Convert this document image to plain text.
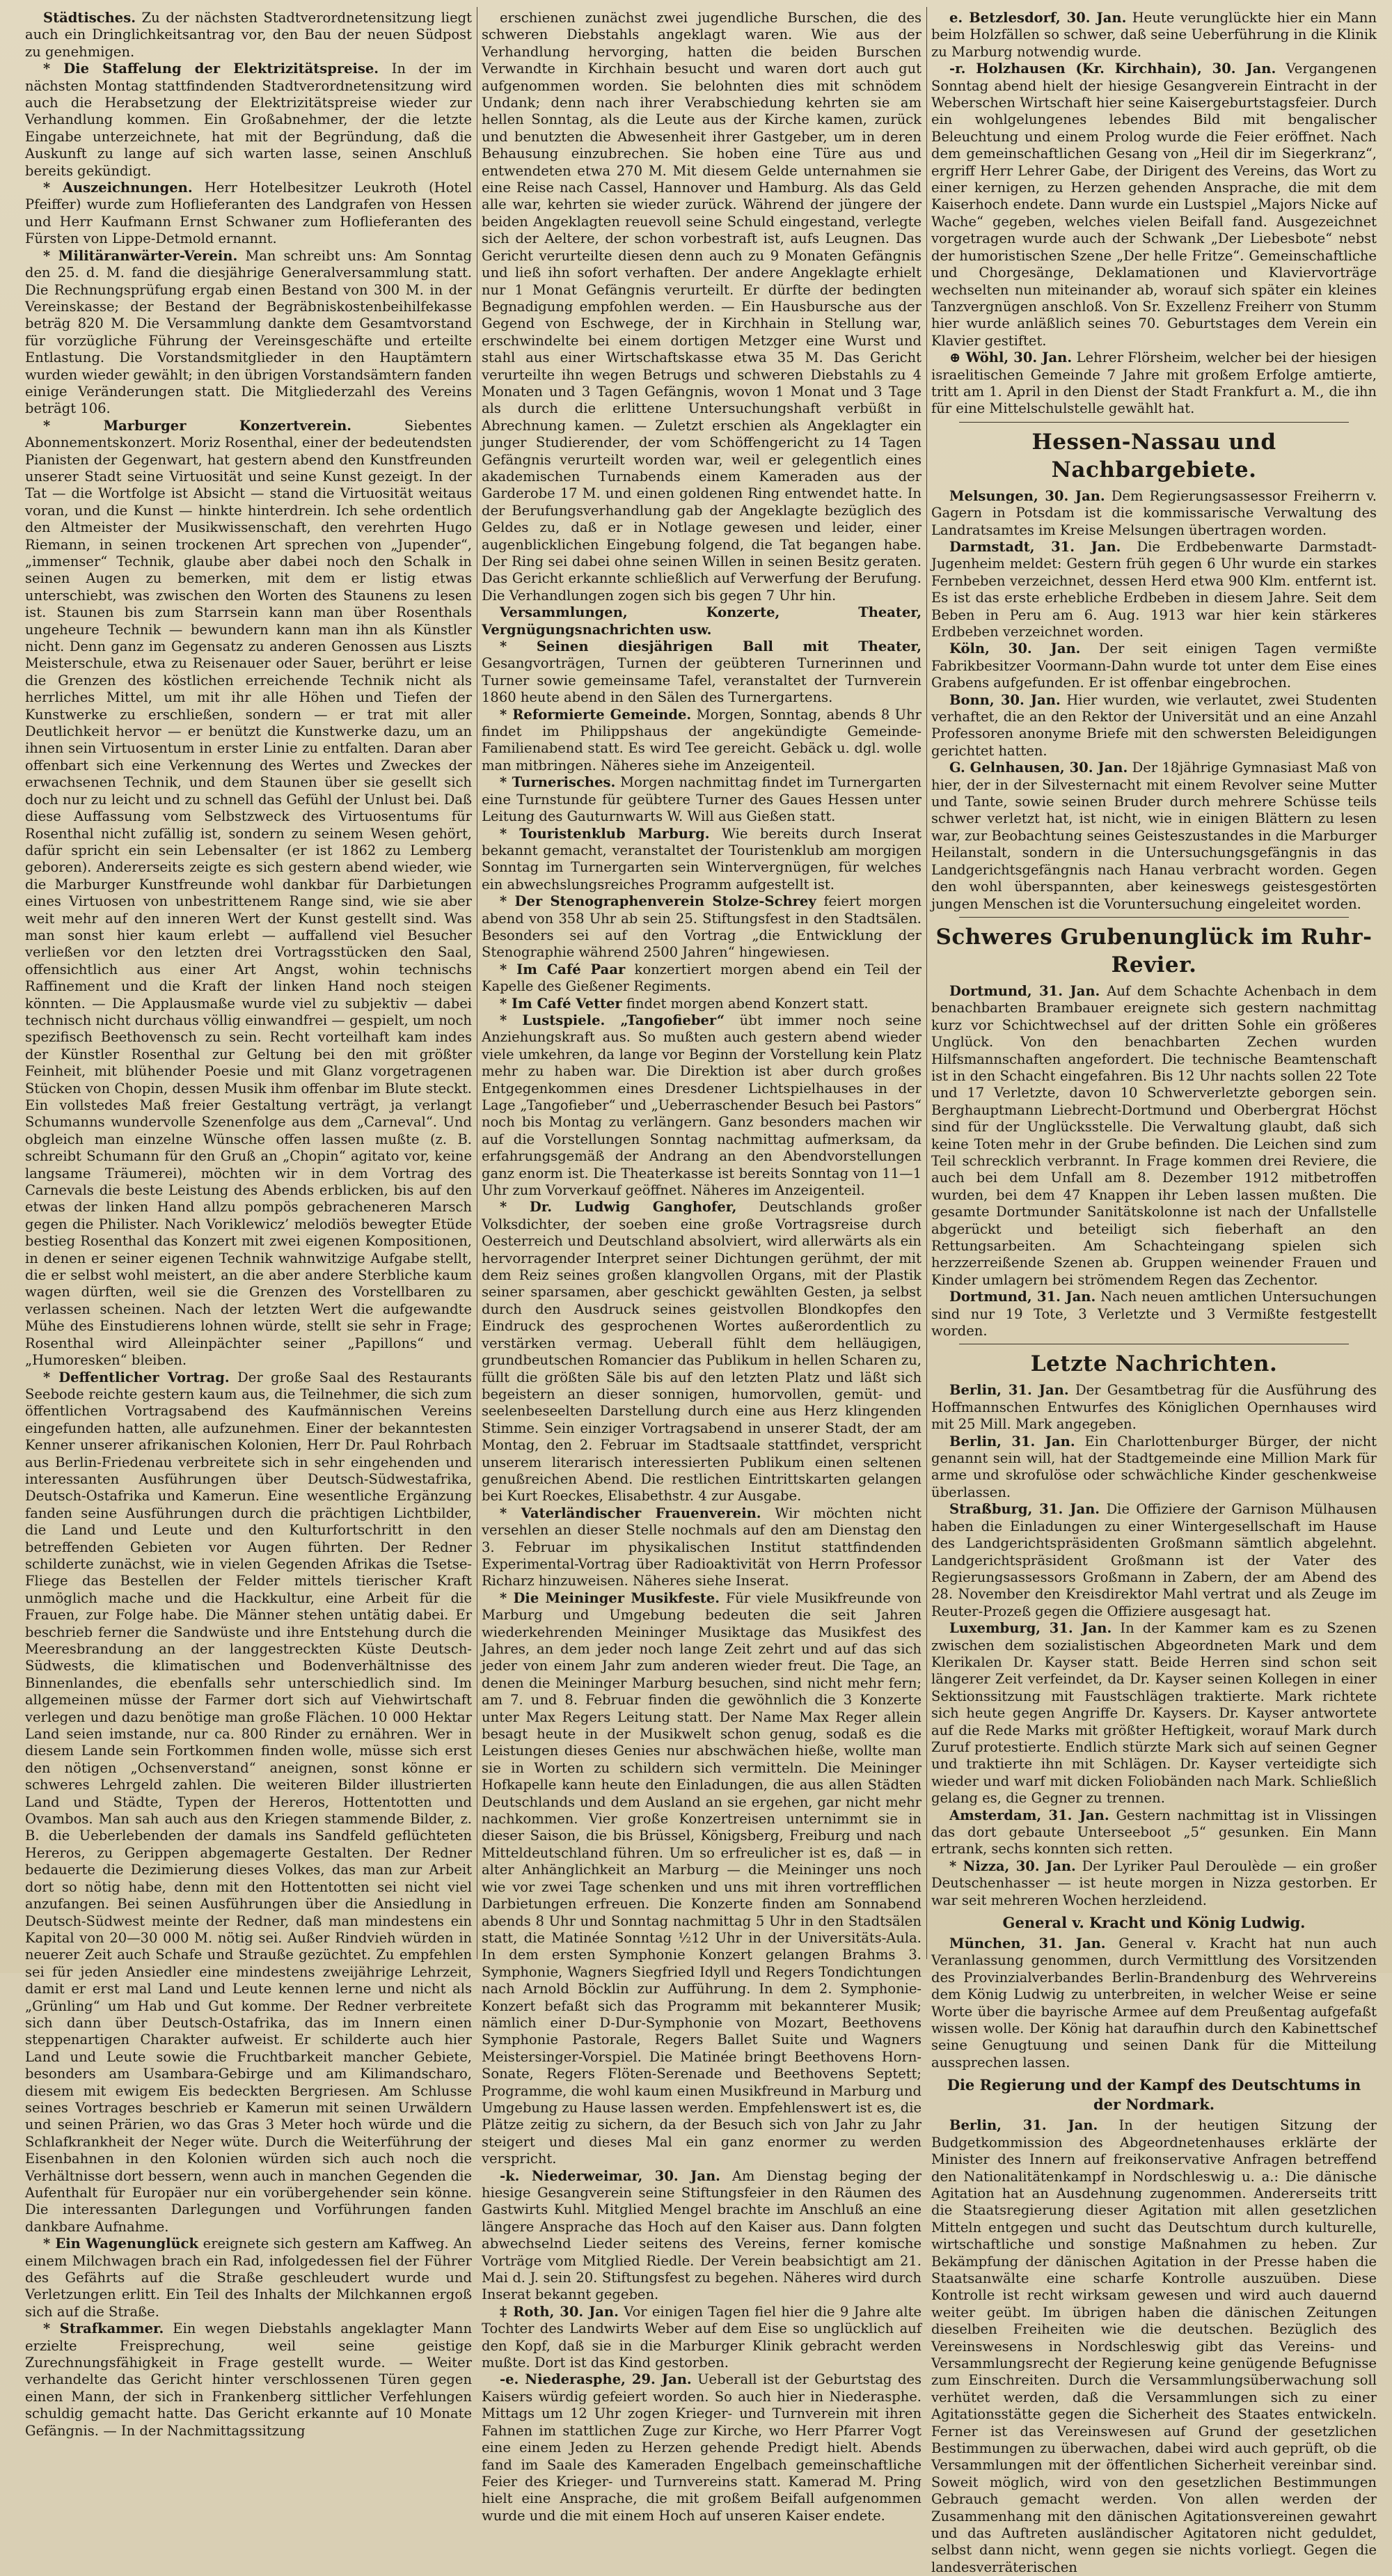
Städtisches. Zu der nächsten Stadtverordnetensitzung liegt auch ein Dringlichkeitsantrag vor, den Bau der neuen Südpost zu genehmigen.

* Die Staffelung der Elektrizitätspreise. In der im nächsten Montag stattfindenden Stadtverordnetensitzung wird auch die Herabsetzung der Elektrizitätspreise wieder zur Verhandlung kommen. Ein Großabnehmer, der die letzte Eingabe unterzeichnete, hat mit der Begründung, daß die Auskunft zu lange auf sich warten lasse, seinen Anschluß bereits gekündigt.

* Auszeichnungen. Herr Hotelbesitzer Leukroth (Hotel Pfeiffer) wurde zum Hoflieferanten des Landgrafen von Hessen und Herr Kaufmann Ernst Schwaner zum Hoflieferanten des Fürsten von Lippe-Detmold ernannt.

* Militäranwärter-Verein. Man schreibt uns: Am Sonntag den 25. d. M. fand die diesjährige Generalversammlung statt. Die Rechnungsprüfung ergab einen Bestand von 300 M. in der Vereinskasse; der Bestand der Begräbniskostenbeihilfekasse beträg 820 M. Die Versammlung dankte dem Gesamtvorstand für vorzügliche Führung der Vereinsgeschäfte und erteilte Entlastung. Die Vorstandsmitglieder in den Hauptämtern wurden wieder gewählt; in den übrigen Vorstandsämtern fanden einige Veränderungen statt. Die Mitgliederzahl des Vereins beträgt 106.

* Marburger Konzertverein.	Siebentes Abonnementskonzert. Moriz Rosenthal, einer der bedeutendsten Pianisten der Gegenwart, hat gestern abend den Kunstfreunden unserer Stadt seine Virtuosität und seine Kunst gezeigt. In der Tat — die Wortfolge ist Absicht — stand die Virtuosität weitaus voran, und die Kunst — hinkte hinterdrein. Ich sehe ordentlich den Altmeister der Musikwissenschaft, den verehrten Hugo Riemann, in seinen trockenen Art sprechen von „Jupender“, „immenser“ Technik, glaube aber dabei noch den Schalk in seinen Augen zu bemerken, mit dem er listig etwas unterschiebt, was zwischen den Worten des Staunens zu lesen ist. Staunen bis zum Starrsein kann man über Rosenthals ungeheure Technik — bewundern kann man ihn als Künstler nicht. Denn ganz im Gegensatz zu anderen Genossen aus Liszts Meisterschule, etwa zu Reisenauer oder Sauer, berührt er leise die Grenzen des köstlichen erreichende Technik nicht als herrliches Mittel, um mit ihr alle Höhen und Tiefen der Kunstwerke zu erschließen, sondern — er trat mit aller Deutlichkeit hervor — er benützt die Kunstwerke dazu, um an ihnen sein Virtuosentum in erster Linie zu entfalten. Daran aber offenbart sich eine Verkennung des Wertes und Zweckes der erwachsenen Technik, und dem Staunen über sie gesellt sich doch nur zu leicht und zu schnell das Gefühl der Unlust bei. Daß diese Auffassung vom Selbstzweck des Virtuosentums für Rosenthal nicht zufällig ist, sondern zu seinem Wesen gehört, dafür spricht ein sein Lebensalter (er ist 1862 zu Lemberg geboren). Andererseits zeigte es sich gestern abend wieder, wie die Marburger Kunstfreunde wohl dankbar für Darbietungen eines Virtuosen von unbestrittenem Range sind, wie sie aber weit mehr auf den inneren Wert der Kunst gestellt sind. Was man sonst hier kaum erlebt — auffallend viel Besucher verließen vor den letzten drei Vortragsstücken den Saal, offensichtlich aus einer Art Angst, wohin technischs Raffinement und die Kraft der linken Hand noch steigen könnten. — Die Applausmaße wurde viel zu subjektiv — dabei technisch nicht durchaus völlig einwandfrei — gespielt, um noch spezifisch Beethovensch zu sein. Recht vorteilhaft kam indes der Künstler Rosenthal zur Geltung bei den mit größter Feinheit, mit blühender Poesie und mit Glanz vorgetragenen Stücken von Chopin, dessen Musik ihm offenbar im Blute steckt. Ein vollstedes Maß freier Gestaltung verträgt, ja verlangt Schumanns wundervolle Szenenfolge aus dem „Carneval“. Und obgleich man einzelne Wünsche offen lassen mußte (z. B. schreibt Schumann für den Gruß an „Chopin“ agitato vor, keine langsame Träumerei), möchten wir in dem Vortrag des Carnevals die beste Leistung des Abends erblicken, bis auf den etwas der linken Hand allzu pompös gebracheneren Marsch gegen die Philister. Nach Voriklewicz’ melodiös bewegter Etüde bestieg Rosenthal das Konzert mit zwei eigenen Kompositionen, in denen er seiner eigenen Technik wahnwitzige Aufgabe stellt, die er selbst wohl meistert, an die aber andere Sterbliche kaum wagen dürften, weil sie die Grenzen des Vorstellbaren zu verlassen scheinen. Nach der letzten Wert die aufgewandte Mühe des Einstudierens lohnen würde, stellt sie sehr in Frage; Rosenthal wird Alleinpächter seiner „Papillons“ und „Humoresken“ bleiben.

* Deffentlicher Vortrag. Der große Saal des Restaurants Seebode reichte gestern kaum aus, die Teilnehmer, die sich zum öffentlichen Vortragsabend des Kaufmännischen Vereins eingefunden hatten, alle aufzunehmen. Einer der bekanntesten Kenner unserer afrikanischen Kolonien, Herr Dr. Paul Rohrbach aus Berlin-Friedenau verbreitete sich in sehr eingehenden und interessanten Ausführungen über Deutsch-Südwestafrika, Deutsch-Ostafrika und Kamerun. Eine wesentliche Ergänzung fanden seine Ausführungen durch die prächtigen Lichtbilder, die Land und Leute und den Kulturfortschritt in den betreffenden Gebieten vor Augen führten. Der Redner schilderte zunächst, wie in vielen Gegenden Afrikas die Tsetse-Fliege das Bestellen der Felder mittels tierischer Kraft unmöglich mache und die Hackkultur, eine Arbeit für die Frauen, zur Folge habe. Die Männer stehen untätig dabei. Er beschrieb ferner die Sandwüste und ihre Entstehung durch die Meeresbrandung an der langgestreckten Küste Deutsch-Südwests, die klimatischen und Bodenverhältnisse des Binnenlandes, die ebenfalls sehr unterschiedlich sind. Im allgemeinen müsse der Farmer dort sich auf Viehwirtschaft verlegen und dazu benötige man große Flächen. 10 000 Hektar Land seien imstande, nur ca. 800 Rinder zu ernähren. Wer in diesem Lande sein Fortkommen finden wolle, müsse sich erst den nötigen „Ochsenverstand“ aneignen, sonst könne er schweres Lehrgeld zahlen. Die weiteren Bilder illustrierten Land und Städte, Typen der Hereros, Hottentotten und Ovambos. Man sah auch aus den Kriegen stammende Bilder, z. B. die Ueberlebenden der damals ins Sandfeld geflüchteten Hereros, zu Gerippen abgemagerte Gestalten. Der Redner bedauerte die Dezimierung dieses Volkes, das man zur Arbeit dort so nötig habe, denn mit den Hottentotten sei nicht viel anzufangen. Bei seinen Ausführungen über die Ansiedlung in Deutsch-Südwest meinte der Redner, daß man mindestens ein Kapital von 20—30 000 M. nötig sei. Außer Rindvieh würden in neuerer Zeit auch Schafe und Strauße gezüchtet. Zu empfehlen sei für jeden Ansiedler eine mindestens zweijährige Lehrzeit, damit er erst mal Land und Leute kennen lerne und nicht als „Grünling“ um Hab und Gut komme. Der Redner verbreitete sich dann über Deutsch-Ostafrika, das im Innern einen steppenartigen Charakter aufweist. Er schilderte auch hier Land und Leute sowie die Fruchtbarkeit mancher Gebiete, besonders am Usambara-Gebirge und am Kilimandscharo, diesem mit ewigem Eis bedeckten Bergriesen. Am Schlusse seines Vortrages beschrieb er Kamerun mit seinen Urwäldern und seinen Prärien, wo das Gras 3 Meter hoch würde und die Schlafkrankheit der Neger wüte. Durch die Weiterführung der Eisenbahnen in den Kolonien würden sich auch noch die Verhältnisse dort bessern, wenn auch in manchen Gegenden die Aufenthalt für Europäer nur ein vorübergehender sein könne. Die interessanten Darlegungen und Vorführungen fanden dankbare Aufnahme.

* Ein Wagenunglück ereignete sich gestern am Kaffweg. An einem Milchwagen brach ein Rad, infolgedessen fiel der Führer des Gefährts auf die Straße geschleudert wurde und Verletzungen erlitt. Ein Teil des Inhalts der Milchkannen ergoß sich auf die Straße.

* Strafkammer. Ein wegen Diebstahls angeklagter Mann erzielte Freisprechung, weil seine geistige Zurechnungsfähigkeit in Frage gestellt wurde. — Weiter verhandelte das Gericht hinter verschlossenen Türen gegen einen Mann, der sich in Frankenberg sittlicher Verfehlungen schuldig gemacht hatte. Das Gericht erkannte auf 10 Monate Gefängnis. — In der Nachmittagssitzung

erschienen zunächst zwei jugendliche Burschen, die des schweren Diebstahls angeklagt waren. Wie aus der Verhandlung hervorging, hatten die beiden Burschen Verwandte in Kirchhain besucht und waren dort auch gut aufgenommen worden. Sie belohnten dies mit schnödem Undank; denn nach ihrer Verabschiedung kehrten sie am hellen Sonntag, als die Leute aus der Kirche kamen, zurück und benutzten die Abwesenheit ihrer Gastgeber, um in deren Behausung einzubrechen. Sie hoben eine Türe aus und entwendeten etwa 270 M. Mit diesem Gelde unternahmen sie eine Reise nach Cassel, Hannover und Hamburg. Als das Geld alle war, kehrten sie wieder zurück. Während der jüngere der beiden Angeklagten reuevoll seine Schuld eingestand, verlegte sich der Aeltere, der schon vorbestraft ist, aufs Leugnen. Das Gericht verurteilte diesen denn auch zu 9 Monaten Gefängnis und ließ ihn sofort verhaften. Der andere Angeklagte erhielt nur 1 Monat Gefängnis verurteilt. Er dürfte der bedingten Begnadigung empfohlen werden. — Ein Hausbursche aus der Gegend von Eschwege, der in Kirchhain in Stellung war, erschwindelte bei einem dortigen Metzger eine Wurst und stahl aus einer Wirtschaftskasse etwa 35 M. Das Gericht verurteilte ihn wegen Betrugs und schweren Diebstahls zu 4 Monaten und 3 Tagen Gefängnis, wovon 1 Monat und 3 Tage als durch die erlittene Untersuchungshaft verbüßt in Abrechnung kamen. — Zuletzt erschien als Angeklagter ein junger Studierender, der vom Schöffengericht zu 14 Tagen Gefängnis verurteilt worden war, weil er gelegentlich eines akademischen Turnabends einem Kameraden aus der Garderobe 17 M. und einen goldenen Ring entwendet hatte. In der Berufungsverhandlung gab der Angeklagte bezüglich des Geldes zu, daß er in Notlage gewesen und leider, einer augenblicklichen Eingebung folgend, die Tat begangen habe. Der Ring sei dabei ohne seinen Willen in seinen Besitz geraten. Das Gericht erkannte schließlich auf Verwerfung der Berufung. Die Verhandlungen zogen sich bis gegen 7 Uhr hin.

Versammlungen, Konzerte, Theater, Vergnügungsnachrichten usw.

* Seinen diesjährigen Ball mit Theater, Gesangvorträgen, Turnen der geübteren Turnerinnen und Turner sowie gemeinsame Tafel, veranstaltet der Turnverein 1860 heute abend in den Sälen des Turnergartens.

* Reformierte Gemeinde. Morgen, Sonntag, abends 8 Uhr findet im Philippshaus der angekündigte Gemeinde-Familienabend statt. Es wird Tee gereicht. Gebäck u. dgl. wolle man mitbringen. Näheres siehe im Anzeigenteil.

* Turnerisches. Morgen nachmittag findet im Turnergarten eine Turnstunde für geübtere Turner des Gaues Hessen unter Leitung des Gauturnwarts W. Will aus Gießen statt.

* Touristenklub Marburg. Wie bereits durch Inserat bekannt gemacht, veranstaltet der Touristenklub am morgigen Sonntag im Turnergarten sein Wintervergnügen, für welches ein abwechslungsreiches Programm aufgestellt ist.

* Der Stenographenverein Stolze-Schrey feiert morgen abend von 358 Uhr ab sein 25. Stiftungsfest in den Stadtsälen. Besonders sei auf den Vortrag „die Entwicklung der Stenographie während 2500 Jahren“ hingewiesen.

* Im Café Paar konzertiert morgen abend ein Teil der Kapelle des Gießener Regiments.

* Im Café Vetter findet morgen abend Konzert statt.

* Lustspiele. „Tangofieber“ übt immer noch seine Anziehungskraft aus. So mußten auch gestern abend wieder viele umkehren, da lange vor Beginn der Vorstellung kein Platz mehr zu haben war. Die Direktion ist aber durch großes Entgegenkommen eines Dresdener Lichtspielhauses in der Lage „Tangofieber“ und „Ueberraschender Besuch bei Pastors“ noch bis Montag zu verlängern. Ganz besonders machen wir auf die Vorstellungen Sonntag nachmittag aufmerksam, da erfahrungsgemäß der Andrang an den Abendvorstellungen ganz enorm ist. Die Theaterkasse ist bereits Sonntag von 11—1 Uhr zum Vorverkauf geöffnet. Näheres im Anzeigenteil.

* Dr. Ludwig Ganghofer, Deutschlands großer Volksdichter, der soeben eine große Vortragsreise durch Oesterreich und Deutschland absolviert, wird allerwärts als ein hervorragender Interpret seiner Dichtungen gerühmt, der mit dem Reiz seines großen klangvollen Organs, mit der Plastik seiner sparsamen, aber geschickt gewählten Gesten, ja selbst durch den Ausdruck seines geistvollen Blondkopfes den Eindruck des gesprochenen Wortes außerordentlich zu verstärken vermag. Ueberall fühlt dem helläugigen, grundbeutschen Romancier das Publikum in hellen Scharen zu, füllt die größten Säle bis auf den letzten Platz und läßt sich begeistern an dieser sonnigen, humorvollen, gemüt- und seelenbeseelten Darstellung durch eine aus Herz klingenden Stimme. Sein einziger Vortragsabend in unserer Stadt, der am Montag, den 2. Februar im Stadtsaale stattfindet, verspricht unserem literarisch interessierten Publikum einen seltenen genußreichen Abend. Die restlichen Eintrittskarten gelangen bei Kurt Roeckes, Elisabethstr. 4 zur Ausgabe.

* Vaterländischer Frauenverein. Wir möchten nicht versehlen an dieser Stelle nochmals auf den am Dienstag den 3. Februar im physikalischen Institut stattfindenden Experimental-Vortrag über Radioaktivität von Herrn Professor Richarz hinzuweisen. Näheres siehe Inserat.

* Die Meininger Musikfeste. Für viele Musikfreunde von Marburg und Umgebung bedeuten die seit Jahren wiederkehrenden Meininger Musiktage das Musikfest des Jahres, an dem jeder noch lange Zeit zehrt und auf das sich jeder von einem Jahr zum anderen wieder freut. Die Tage, an denen die Meininger Marburg besuchen, sind nicht mehr fern; am 7. und 8. Februar finden die gewöhnlich die 3 Konzerte unter Max Regers Leitung statt. Der Name Max Reger allein besagt heute in der Musikwelt schon genug, sodaß es die Leistungen dieses Genies nur abschwächen hieße, wollte man sie in Worten zu schildern sich vermitteln. Die Meininger Hofkapelle kann heute den Einladungen, die aus allen Städten Deutschlands und dem Ausland an sie ergehen, gar nicht mehr nachkommen. Vier große Konzertreisen unternimmt sie in dieser Saison, die bis Brüssel, Königsberg, Freiburg und nach Mitteldeutschland führen. Um so erfreulicher ist es, daß — in alter Anhänglichkeit an Marburg — die Meininger uns noch wie vor zwei Tage schenken und uns mit ihren vortrefflichen Darbietungen erfreuen. Die Konzerte finden am Sonnabend abends 8 Uhr und Sonntag nachmittag 5 Uhr in den Stadtsälen statt, die Matinée Sonntag ½12 Uhr in der Universitäts-Aula. In dem ersten Symphonie Konzert gelangen Brahms 3. Symphonie, Wagners Siegfried Idyll und Regers Tondichtungen nach Arnold Böcklin zur Aufführung. In dem 2. Symphonie-Konzert befaßt sich das Programm mit bekannterer Musik; nämlich einer D-Dur-Symphonie von Mozart, Beethovens Symphonie Pastorale, Regers Ballet Suite und Wagners Meistersinger-Vorspiel. Die Matinée bringt Beethovens Horn-Sonate, Regers Flöten-Serenade und Beethovens Septett; Programme, die wohl kaum einen Musikfreund in Marburg und Umgebung zu Hause lassen werden. Empfehlenswert ist es, die Plätze zeitig zu sichern, da der Besuch sich von Jahr zu Jahr steigert und dieses Mal ein ganz enormer zu werden verspricht.

-k. Niederweimar, 30. Jan. Am Dienstag beging der hiesige Gesangverein seine Stiftungsfeier in den Räumen des Gastwirts Kuhl. Mitglied Mengel brachte im Anschluß an eine längere Ansprache das Hoch auf den Kaiser aus. Dann folgten abwechselnd Lieder seitens des Vereins, ferner komische Vorträge vom Mitglied Riedle. Der Verein beabsichtigt am 21. Mai d. J. sein 20. Stiftungsfest zu begehen. Näheres wird durch Inserat bekannt gegeben.

‡ Roth, 30. Jan. Vor einigen Tagen fiel hier die 9 Jahre alte Tochter des Landwirts Weber auf dem Eise so unglücklich auf den Kopf, daß sie in die Marburger Klinik gebracht werden mußte. Dort ist das Kind gestorben.

-e. Niederasphe, 29. Jan. Ueberall ist der Geburtstag des Kaisers würdig gefeiert worden. So auch hier in Niederasphe. Mittags um 12 Uhr zogen Krieger- und Turnverein mit ihren Fahnen im stattlichen Zuge zur Kirche, wo Herr Pfarrer Vogt eine einem Jeden zu Herzen gehende Predigt hielt. Abends fand im Saale des Kameraden Engelbach gemeinschaftliche Feier des Krieger- und Turnvereins statt. Kamerad M. Pring hielt eine Ansprache, die mit großem Beifall aufgenommen wurde und die mit einem Hoch auf unseren Kaiser endete.

e. Betzlesdorf, 30. Jan. Heute verunglückte hier ein Mann beim Holzfällen so schwer, daß seine Ueberführung in die Klinik zu Marburg notwendig wurde.

-r. Holzhausen (Kr. Kirchhain), 30. Jan. Vergangenen Sonntag abend hielt der hiesige Gesangverein Eintracht in der Weberschen Wirtschaft hier seine Kaisergeburtstagsfeier. Durch ein wohlgelungenes lebendes Bild mit bengalischer Beleuchtung und einem Prolog wurde die Feier eröffnet. Nach dem gemeinschaftlichen Gesang von „Heil dir im Siegerkranz“, ergriff Herr Lehrer Gabe, der Dirigent des Vereins, das Wort zu einer kernigen, zu Herzen gehenden Ansprache, die mit dem Kaiserhoch endete. Dann wurde ein Lustspiel „Majors Nicke auf Wache“ gegeben, welches vielen Beifall fand. Ausgezeichnet vorgetragen wurde auch der Schwank „Der Liebesbote“ nebst der humoristischen Szene „Der helle Fritze“. Gemeinschaftliche und Chorgesänge, Deklamationen und Klaviervorträge wechselten nun miteinander ab, worauf sich später ein kleines Tanzvergnügen anschloß. Von Sr. Exzellenz Freiherr von Stumm hier wurde anläßlich seines 70. Geburtstages dem Verein ein Klavier gestiftet.

⊕ Wöhl, 30. Jan. Lehrer Flörsheim, welcher bei der hiesigen israelitischen Gemeinde 7 Jahre mit großem Erfolge amtierte, tritt am 1. April in den Dienst der Stadt Frankfurt a. M., die ihn für eine Mittelschulstelle gewählt hat.

Hessen-Nassau und Nachbargebiete.

Melsungen, 30. Jan. Dem Regierungsassessor Freiherrn v. Gagern in Potsdam ist die kommissarische Verwaltung des Landratsamtes im Kreise Melsungen übertragen worden.

Darmstadt, 31. Jan. Die Erdbebenwarte Darmstadt-Jugenheim meldet: Gestern früh gegen 6 Uhr wurde ein starkes Fernbeben verzeichnet, dessen Herd etwa 900 Klm. entfernt ist. Es ist das erste erhebliche Erdbeben in diesem Jahre. Seit dem Beben in Peru am 6. Aug. 1913 war hier kein stärkeres Erdbeben verzeichnet worden.

Köln, 30. Jan. Der seit einigen Tagen vermißte Fabrikbesitzer Voormann-Dahn wurde tot unter dem Eise eines Grabens aufgefunden. Er ist offenbar eingebrochen.

Bonn, 30. Jan. Hier wurden, wie verlautet, zwei Studenten verhaftet, die an den Rektor der Universität und an eine Anzahl Professoren anonyme Briefe mit den schwersten Beleidigungen gerichtet hatten.

G. Gelnhausen, 30. Jan. Der 18jährige Gymnasiast Maß von hier, der in der Silvesternacht mit einem Revolver seine Mutter und Tante, sowie seinen Bruder durch mehrere Schüsse teils schwer verletzt hat, ist nicht, wie in einigen Blättern zu lesen war, zur Beobachtung seines Geisteszustandes in die Marburger Heilanstalt, sondern in die Untersuchungsgefängnis in das Landgerichtsgefängnis nach Hanau verbracht worden. Gegen den wohl überspannten, aber keineswegs geistesgestörten jungen Menschen ist die Voruntersuchung eingeleitet worden.

Schweres Grubenunglück im Ruhr-Revier.

Dortmund, 31. Jan. Auf dem Schachte Achenbach in dem benachbarten Brambauer ereignete sich gestern nachmittag kurz vor Schichtwechsel auf der dritten Sohle ein größeres Unglück. Von den benachbarten Zechen wurden Hilfsmannschaften angefordert. Die technische Beamtenschaft ist in den Schacht eingefahren. Bis 12 Uhr nachts sollen 22 Tote und 17 Verletzte, davon 10 Schwerverletzte geborgen sein. Berghauptmann Liebrecht-Dortmund und Oberbergrat Höchst sind für der Unglücksstelle. Die Verwaltung glaubt, daß sich keine Toten mehr in der Grube befinden. Die Leichen sind zum Teil schrecklich verbrannt. In Frage kommen drei Reviere, die auch bei dem Unfall am 8. Dezember 1912 mitbetroffen wurden, bei dem 47 Knappen ihr Leben lassen mußten. Die gesamte Dortmunder Sanitätskolonne ist nach der Unfallstelle abgerückt und beteiligt sich fieberhaft an den Rettungsarbeiten. Am Schachteingang spielen sich herzzerreißende Szenen ab. Gruppen weinender Frauen und Kinder umlagern bei strömendem Regen das Zechentor.

Dortmund, 31. Jan. Nach neuen amtlichen Untersuchungen sind nur 19 Tote, 3 Verletzte und 3 Vermißte festgestellt worden.

Letzte Nachrichten.

Berlin, 31. Jan. Der Gesamtbetrag für die Ausführung des Hoffmannschen Entwurfes des Königlichen Opernhauses wird mit 25 Mill. Mark angegeben.

Berlin, 31. Jan. Ein Charlottenburger Bürger, der nicht genannt sein will, hat der Stadtgemeinde eine Million Mark für arme und skrofulöse oder schwächliche Kinder geschenkweise überlassen.

Straßburg, 31. Jan. Die Offiziere der Garnison Mülhausen haben die Einladungen zu einer Wintergesellschaft im Hause des Landgerichtspräsidenten Großmann sämtlich abgelehnt. Landgerichtspräsident Großmann ist der Vater des Regierungsassessors Großmann in Zabern, der am Abend des 28. November den Kreisdirektor Mahl vertrat und als Zeuge im Reuter-Prozeß gegen die Offiziere ausgesagt hat.

Luxemburg, 31. Jan. In der Kammer kam es zu Szenen zwischen dem sozialistischen Abgeordneten Mark und dem Klerikalen Dr. Kayser statt. Beide Herren sind schon seit längerer Zeit verfeindet, da Dr. Kayser seinen Kollegen in einer Sektionssitzung mit Faustschlägen traktierte. Mark richtete sich heute gegen Angriffe Dr. Kaysers. Dr. Kayser antwortete auf die Rede Marks mit größter Heftigkeit, worauf Mark durch Zuruf protestierte. Endlich stürzte Mark sich auf seinen Gegner und traktierte ihn mit Schlägen. Dr. Kayser verteidigte sich wieder und warf mit dicken Foliobänden nach Mark. Schließlich gelang es, die Gegner zu trennen.

Amsterdam, 31. Jan. Gestern nachmittag ist in Vlissingen das dort gebaute Unterseeboot „5“ gesunken. Ein Mann ertrank, sechs konnten sich retten.

* Nizza, 30. Jan. Der Lyriker Paul Deroulède — ein großer Deutschenhasser — ist heute morgen in Nizza gestorben. Er war seit mehreren Wochen herzleidend.

General v. Kracht und König Ludwig.

München, 31. Jan. General v. Kracht hat nun auch Veranlassung genommen, durch Vermittlung des Vorsitzenden des Provinzialverbandes Berlin-Brandenburg des Wehrvereins dem König Ludwig zu unterbreiten, in welcher Weise er seine Worte über die bayrische Armee auf dem Preußentag aufgefaßt wissen wolle. Der König hat daraufhin durch den Kabinettschef seine Genugtuung und seinen Dank für die Mitteilung aussprechen lassen.

Die Regierung und der Kampf des Deutschtums in der Nordmark.

Berlin, 31. Jan. In der heutigen Sitzung der Budgetkommission des Abgeordnetenhauses erklärte der Minister des Innern auf freikonservative Anfragen betreffend den Nationalitätenkampf in Nordschleswig u. a.: Die dänische Agitation hat an Ausdehnung zugenommen. Andererseits tritt die Staatsregierung dieser Agitation mit allen gesetzlichen Mitteln entgegen und sucht das Deutschtum durch kulturelle, wirtschaftliche und sonstige Maßnahmen zu heben. Zur Bekämpfung der dänischen Agitation in der Presse haben die Staatsanwälte eine scharfe Kontrolle auszuüben. Diese Kontrolle ist recht wirksam gewesen und wird auch dauernd weiter geübt. Im übrigen haben die dänischen Zeitungen dieselben Freiheiten wie die deutschen. Bezüglich des Vereinswesens in Nordschleswig gibt das Vereins- und Versammlungsrecht der Regierung keine genügende Befugnisse zum Einschreiten. Durch die Versammlungsüberwachung soll verhütet werden, daß die Versammlungen sich zu einer Agitationsstätte gegen die Sicherheit des Staates entwickeln. Ferner ist das Vereinswesen auf Grund der gesetzlichen Bestimmungen zu überwachen, dabei wird auch geprüft, ob die Versammlungen mit der öffentlichen Sicherheit vereinbar sind. Soweit möglich, wird von den gesetzlichen Bestimmungen Gebrauch gemacht werden. Von allen werden der Zusammenhang mit den dänischen Agitationsvereinen gewahrt und das Auftreten ausländischer Agitatoren nicht geduldet, selbst dann nicht, wenn gegen sie nichts vorliegt. Gegen die landesverräterischen
